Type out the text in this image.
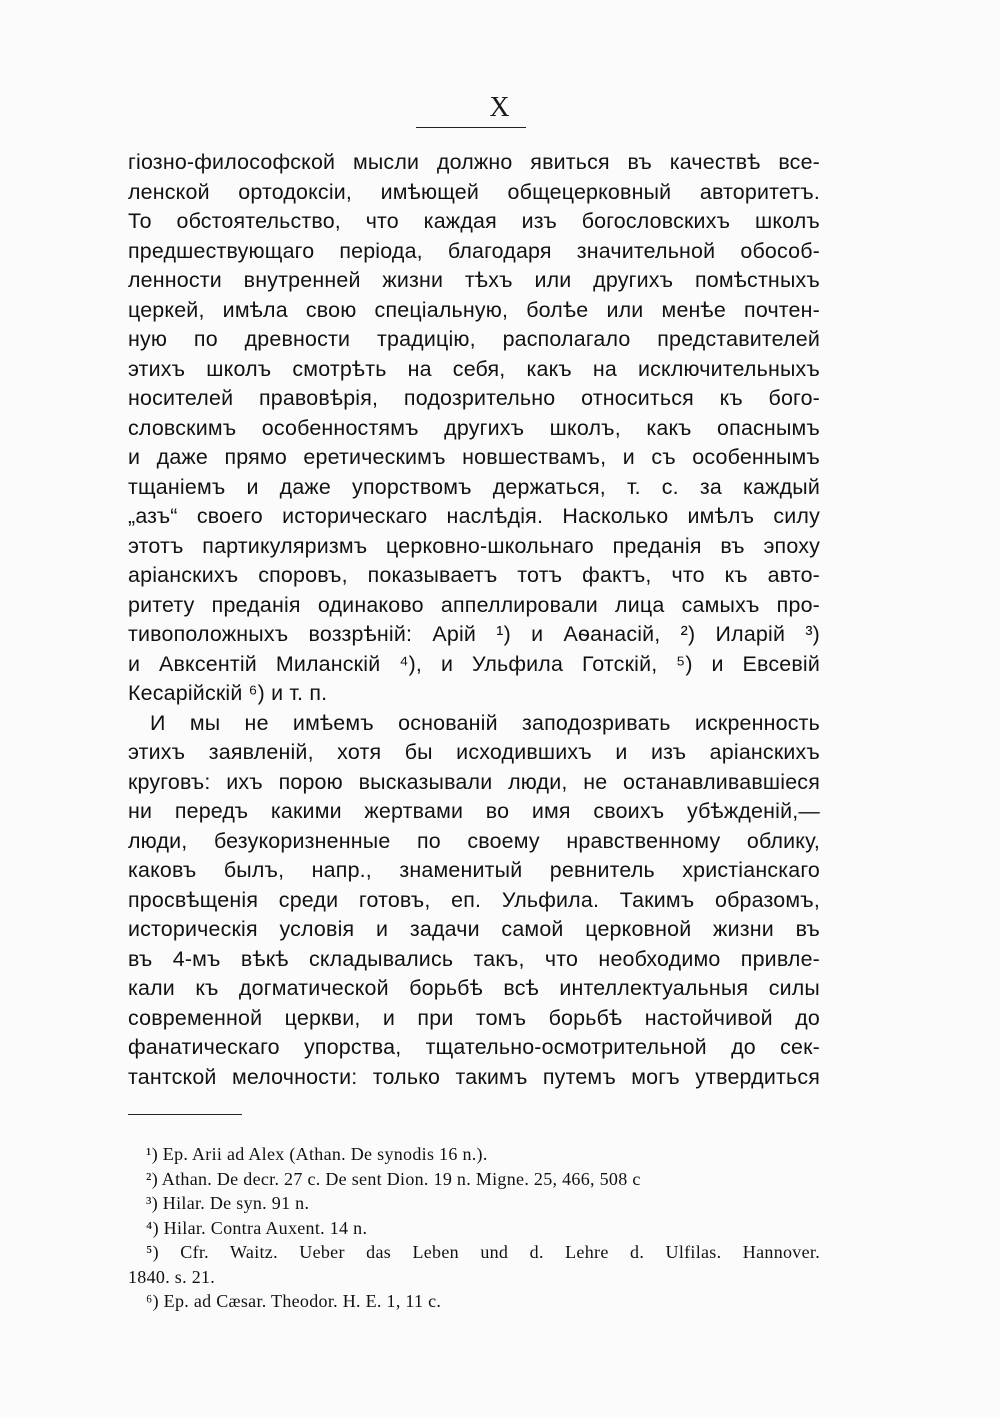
X
гіозно-философской мысли должно явиться въ качествѣ все-
ленской ортодоксіи, имѣющей общецерковный авторитетъ.
То обстоятельство, что каждая изъ богословскихъ школъ
предшествующаго періода, благодаря значительной обособ-
ленности внутренней жизни тѣхъ или другихъ помѣстныхъ
церкей, имѣла свою спеціальную, болѣе или менѣе почтен-
ную по древности традицію, располагало представителей
этихъ школъ смотрѣть на себя, какъ на исключительныхъ
носителей правовѣрія, подозрительно относиться къ бого-
словскимъ особенностямъ другихъ школъ, какъ опаснымъ
и даже прямо еретическимъ новшествамъ, и съ особеннымъ
тщаніемъ и даже упорствомъ держаться, т. с. за каждый
„азъ“ своего историческаго наслѣдія. Насколько имѣлъ силу
этотъ партикуляризмъ церковно-школьнаго преданія въ эпоху
аріанскихъ споровъ, показываетъ тотъ фактъ, что къ авто-
ритету преданія одинаково аппеллировали лица самыхъ про-
тивоположныхъ воззрѣній: Арій ¹) и Аѳанасій, ²) Иларій ³)
и Авксентій Миланскій ⁴), и Ульфила Готскій, ⁵) и Евсевій
Кесарійскій ⁶) и т. п.
И мы не имѣемъ основаній заподозривать искренность
этихъ заявленій, хотя бы исходившихъ и изъ аріанскихъ
круговъ: ихъ порою высказывали люди, не останавливавшіеся
ни передъ какими жертвами во имя своихъ убѣжденій,—
люди, безукоризненные по своему нравственному облику,
каковъ былъ, напр., знаменитый ревнитель христіанскаго
просвѣщенія среди готовъ, еп. Ульфила. Такимъ образомъ,
историческія условія и задачи самой церковной жизни въ
въ 4-мъ вѣкѣ складывались такъ, что необходимо привле-
кали къ догматической борьбѣ всѣ интеллектуальныя силы
современной церкви, и при томъ борьбѣ настойчивой до
фанатическаго упорства, тщательно-осмотрительной до сек-
тантской мелочности: только такимъ путемъ могъ утвердиться
¹) Ep. Arii ad Alex (Athan. De synodis 16 n.).
²) Athan. De decr. 27 c. De sent Dion. 19 n. Migne. 25, 466, 508 c
³) Hilar. De syn. 91 n.
⁴) Hilar. Contra Auxent. 14 n.
⁵) Cfr. Waitz. Ueber das Leben und d. Lehre d. Ulfilas. Hannover.
1840. s. 21.
⁶) Ep. ad Cæsar. Theodor. H. E. 1, 11 c.
